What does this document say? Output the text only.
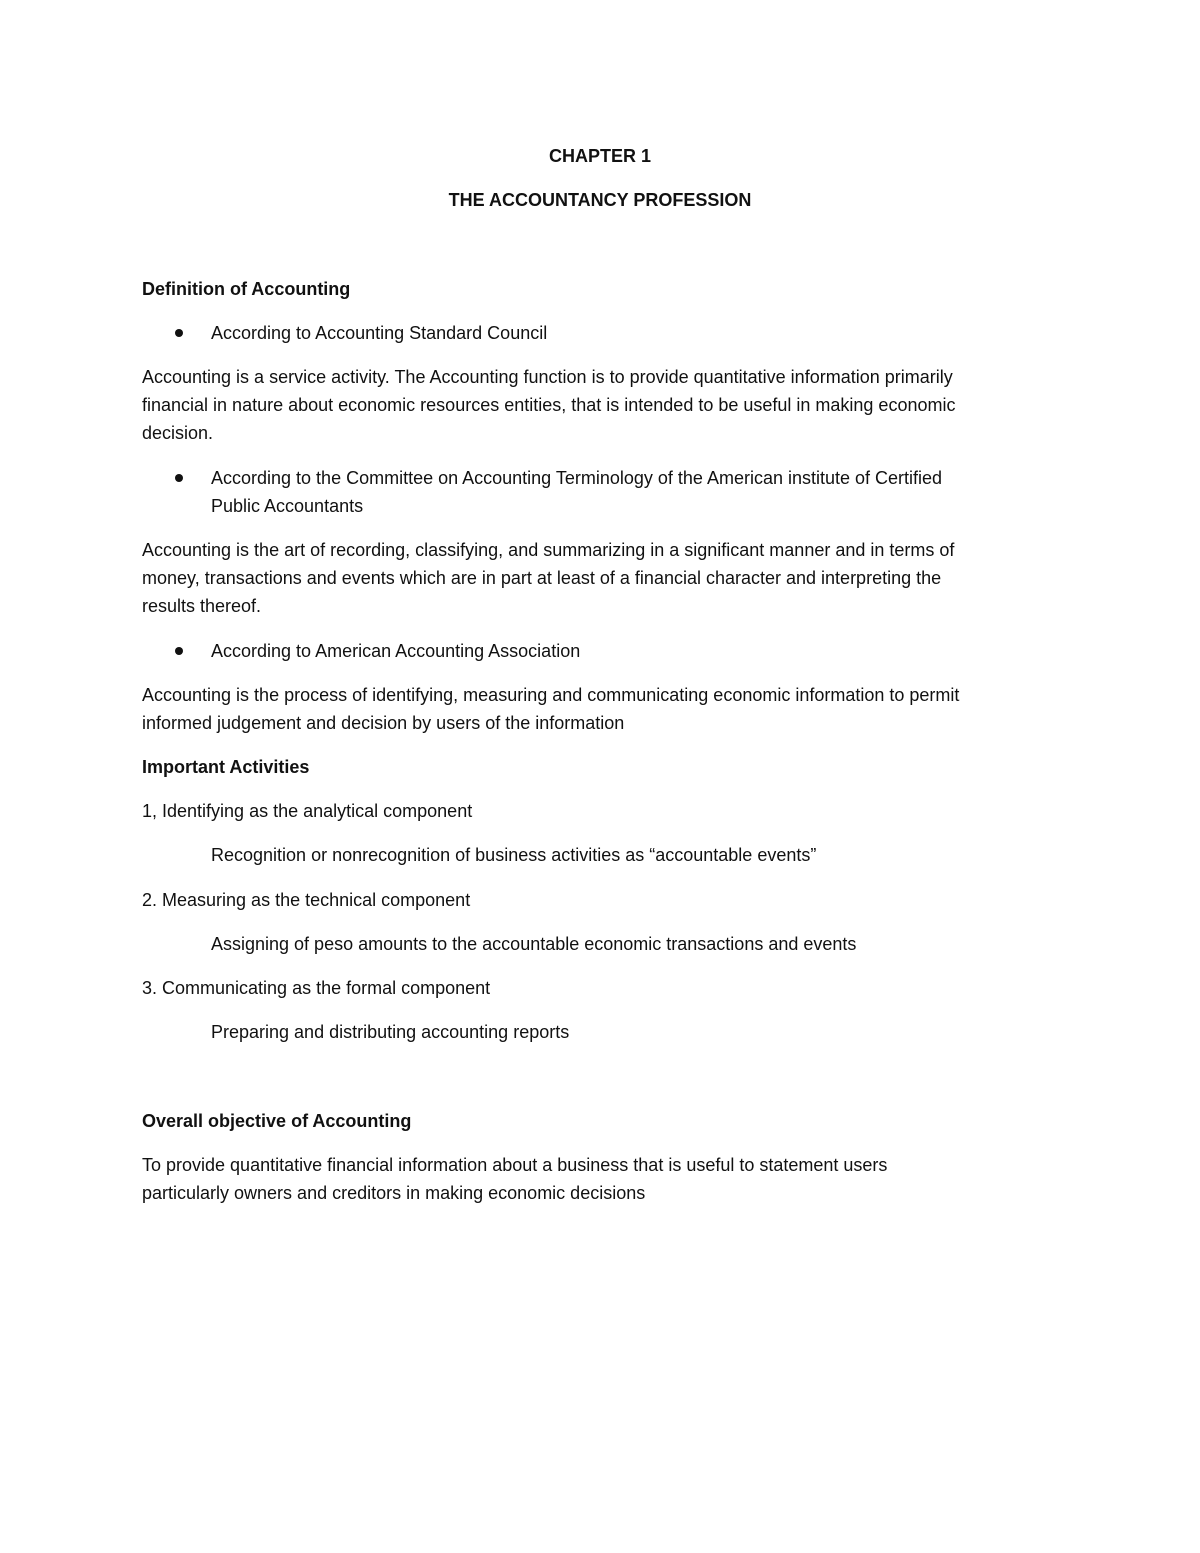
CHAPTER 1
THE ACCOUNTANCY PROFESSION
Definition of Accounting
According to Accounting Standard Council
Accounting is a service activity. The Accounting function is to provide quantitative information primarily
financial in nature about economic resources entities, that is intended to be useful in making economic
decision.
According to the Committee on Accounting Terminology of the American institute of Certified
Public Accountants
Accounting is the art of recording, classifying, and summarizing in a significant manner and in terms of
money, transactions and events which are in part at least of a financial character and interpreting the
results thereof.
According to American Accounting Association
Accounting is the process of identifying, measuring and communicating economic information to permit
informed judgement and decision by users of the information
Important Activities
1, Identifying as the analytical component
Recognition or nonrecognition of business activities as “accountable events”
2. Measuring as the technical component
Assigning of peso amounts to the accountable economic transactions and events
3. Communicating as the formal component
Preparing and distributing accounting reports
Overall objective of Accounting
To provide quantitative financial information about a business that is useful to statement users
particularly owners and creditors in making economic decisions
